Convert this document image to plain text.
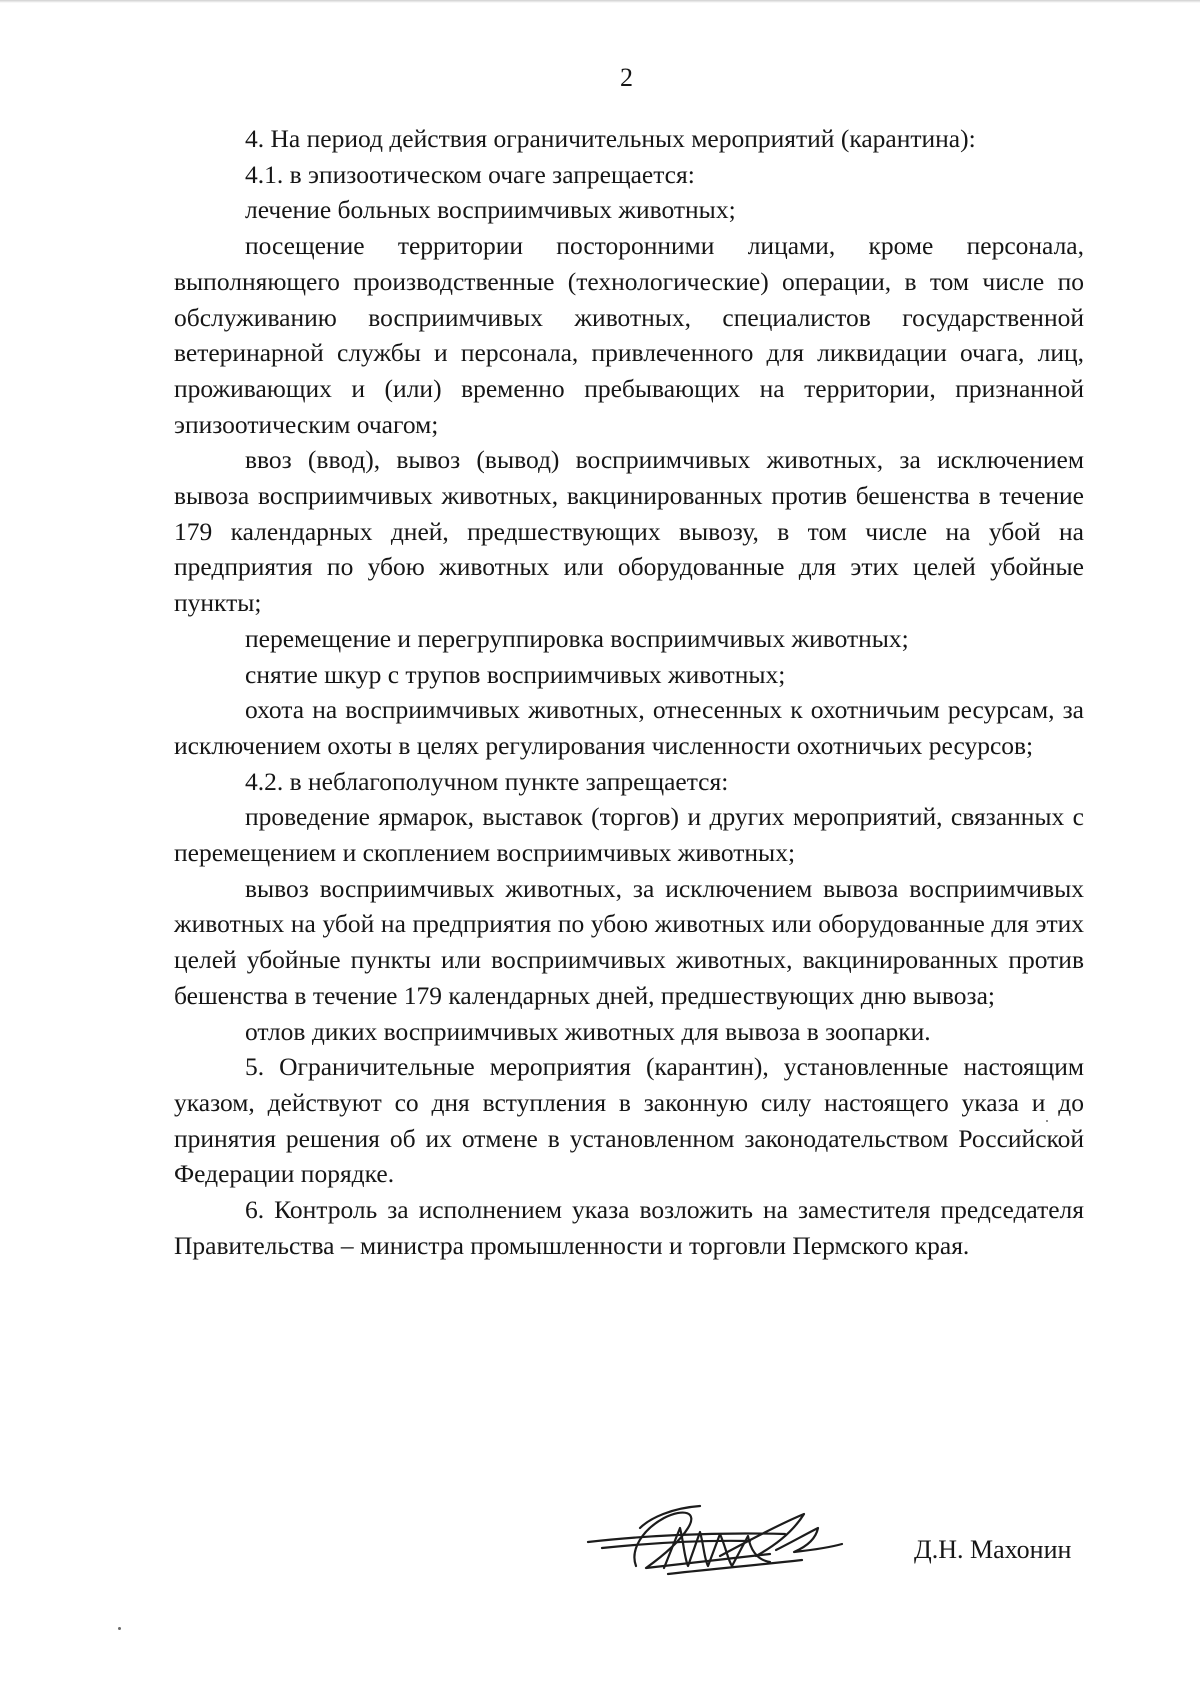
2

4. На период действия ограничительных мероприятий (карантина):

4.1. в эпизоотическом очаге запрещается:

лечение больных восприимчивых животных;

посещение территории посторонними лицами, кроме персонала, выполняющего производственные (технологические) операции, в том числе по обслуживанию восприимчивых животных, специалистов государственной ветеринарной службы и персонала, привлеченного для ликвидации очага, лиц, проживающих и (или) временно пребывающих на территории, признанной эпизоотическим очагом;

ввоз (ввод), вывоз (вывод) восприимчивых животных, за исключением вывоза восприимчивых животных, вакцинированных против бешенства в течение 179 календарных дней, предшествующих вывозу, в том числе на убой на предприятия по убою животных или оборудованные для этих целей убойные пункты;

перемещение и перегруппировка восприимчивых животных;

снятие шкур с трупов восприимчивых животных;

охота на восприимчивых животных, отнесенных к охотничьим ресурсам, за исключением охоты в целях регулирования численности охотничьих ресурсов;

4.2. в неблагополучном пункте запрещается:

проведение ярмарок, выставок (торгов) и других мероприятий, связанных с перемещением и скоплением восприимчивых животных;

вывоз восприимчивых животных, за исключением вывоза восприимчивых животных на убой на предприятия по убою животных или оборудованные для этих целей убойные пункты или восприимчивых животных, вакцинированных против бешенства в течение 179 календарных дней, предшествующих дню вывоза;

отлов диких восприимчивых животных для вывоза в зоопарки.

5. Ограничительные мероприятия (карантин), установленные настоящим указом, действуют со дня вступления в законную силу настоящего указа и до принятия решения об их отмене в установленном законодательством Российской Федерации порядке.

6. Контроль за исполнением указа возложить на заместителя председателя Правительства – министра промышленности и торговли Пермского края.

Д.Н. Махонин
